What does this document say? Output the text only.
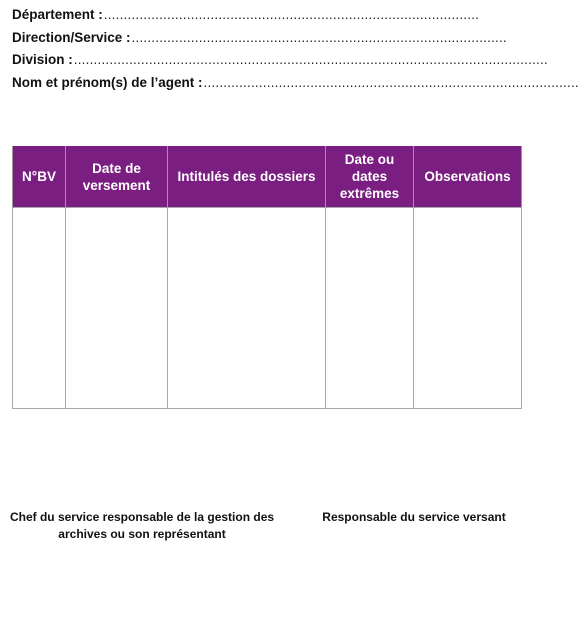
Département : ...............................................................................................
Direction/Service : ...............................................................................................
Division : ........................................................................................................................
Nom et prénom(s) de l’agent : ...............................................................................................
N°BV	Date de versement	Intitulés des dossiers	Date ou dates extrêmes	Observations

Chef du service responsable de la gestion des archives ou son représentant
Responsable du service versant
